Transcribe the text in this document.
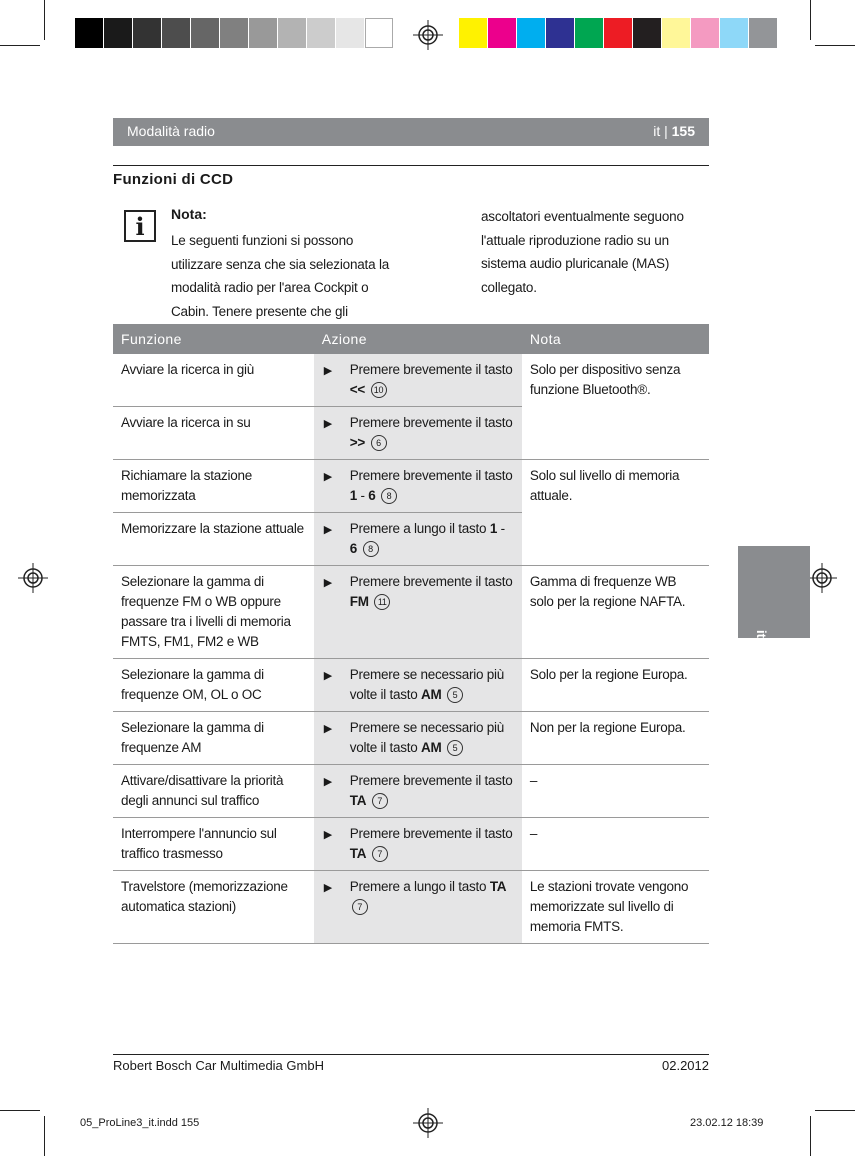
Modalità radio	it | 155
Funzioni di CCD
i	Nota:
Le seguenti funzioni si possono
utilizzare senza che sia selezionata la
modalità radio per l'area Cockpit o
Cabin. Tenere presente che gli
ascoltatori eventualmente seguono
l'attuale riproduzione radio su un
sistema audio pluricanale (MAS)
collegato.
Funzione	Azione	Nota
Avviare la ricerca in giù	▶ Premere brevemente il tasto << 10	Solo per dispositivo senza funzione Bluetooth®.
Avviare la ricerca in su	▶ Premere brevemente il tasto >> 6	

Richiamare la stazione memorizzata	▶ Premere brevemente il tasto 1 - 6 8	Solo sul livello di memoria attuale.
Memorizzare la stazione attuale	▶ Premere a lungo il tasto 1 - 6 8	

Selezionare la gamma di frequenze FM o WB oppure passare tra i livelli di memoria FMTS, FM1, FM2 e WB	▶ Premere brevemente il tasto FM 11	Gamma di frequenze WB solo per la regione NAFTA.
Selezionare la gamma di frequenze OM, OL o OC	▶ Premere se necessario più volte il tasto AM 5	Solo per la regione Europa.
Selezionare la gamma di frequenze AM	▶ Premere se necessario più volte il tasto AM 5	Non per la regione Europa.
Attivare/disattivare la priorità degli annunci sul traffico	▶ Premere brevemente il tasto TA 7	–
Interrompere l'annuncio sul traffico trasmesso	▶ Premere brevemente il tasto TA 7	–
Travelstore (memorizzazione automatica stazioni)	▶ Premere a lungo il tasto TA 7	Le stazioni trovate vengono memorizzate sul livello di memoria FMTS.
it
Robert Bosch Car Multimedia GmbH	02.2012
05_ProLine3_it.indd 155	23.02.12 18:39
